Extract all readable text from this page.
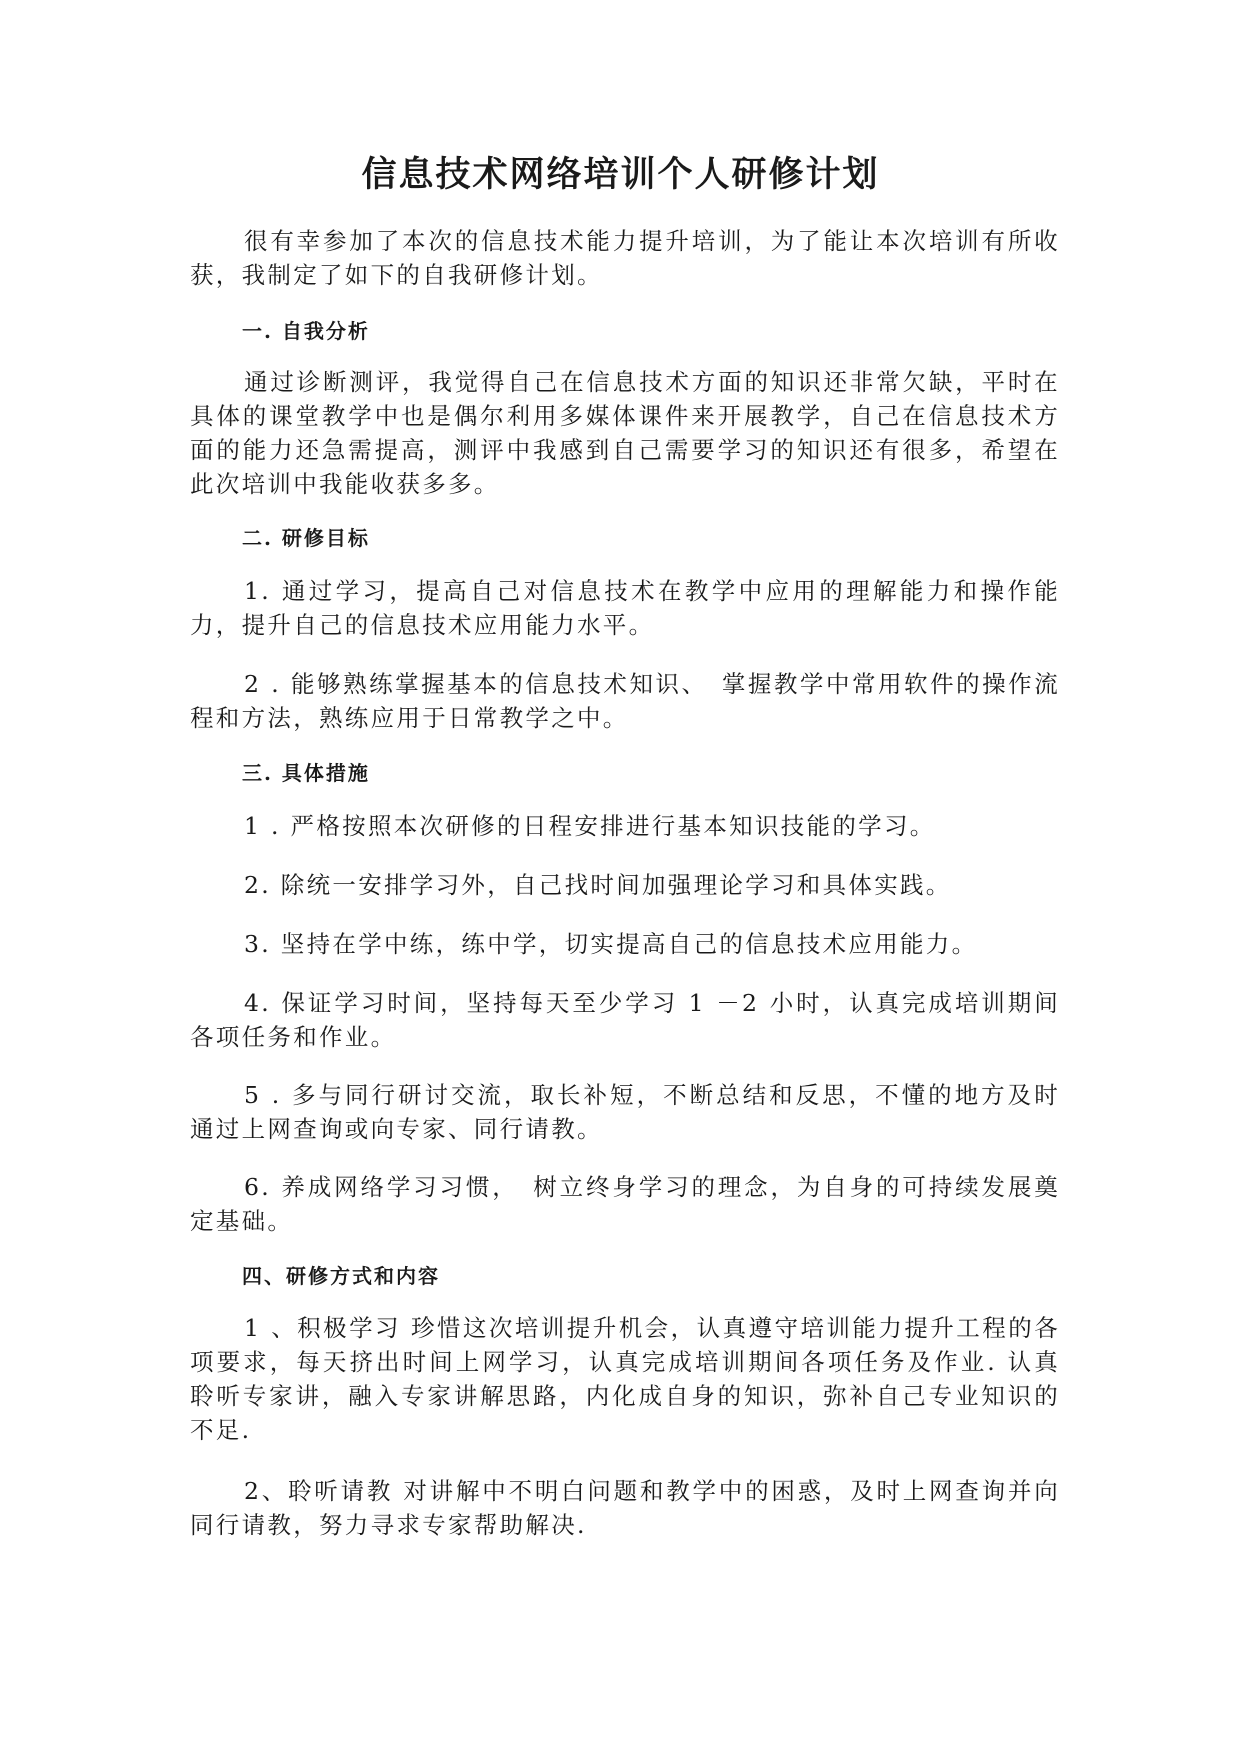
信息技术网络培训个人研修计划
很有幸参加了本次的信息技术能力提升培训，为了能让本次培训有所收获，我制定了如下的自我研修计划。
一. 自我分析
通过诊断测评，我觉得自己在信息技术方面的知识还非常欠缺，平时在具体的课堂教学中也是偶尔利用多媒体课件来开展教学，自己在信息技术方面的能力还急需提高，测评中我感到自己需要学习的知识还有很多，希望在此次培训中我能收获多多。
二. 研修目标
1. 通过学习，提高自己对信息技术在教学中应用的理解能力和操作能力，提升自己的信息技术应用能力水平。
2 . 能够熟练掌握基本的信息技术知识、　掌握教学中常用软件的操作流程和方法，熟练应用于日常教学之中。
三. 具体措施
1 . 严格按照本次研修的日程安排进行基本知识技能的学习。
2. 除统一安排学习外，自己找时间加强理论学习和具体实践。
3. 坚持在学中练，练中学，切实提高自己的信息技术应用能力。
4. 保证学习时间，坚持每天至少学习 1 －2 小时，认真完成培训期间各项任务和作业。
5 . 多与同行研讨交流，取长补短，不断总结和反思，不懂的地方及时通过上网查询或向专家、同行请教。
6. 养成网络学习习惯，　树立终身学习的理念，为自身的可持续发展奠定基础。
四、研修方式和内容
1 、积极学习 珍惜这次培训提升机会，认真遵守培训能力提升工程的各项要求，每天挤出时间上网学习，认真完成培训期间各项任务及作业. 认真聆听专家讲，融入专家讲解思路，内化成自身的知识，弥补自己专业知识的不足.
2、聆听请教 对讲解中不明白问题和教学中的困惑，及时上网查询并向同行请教，努力寻求专家帮助解决.
